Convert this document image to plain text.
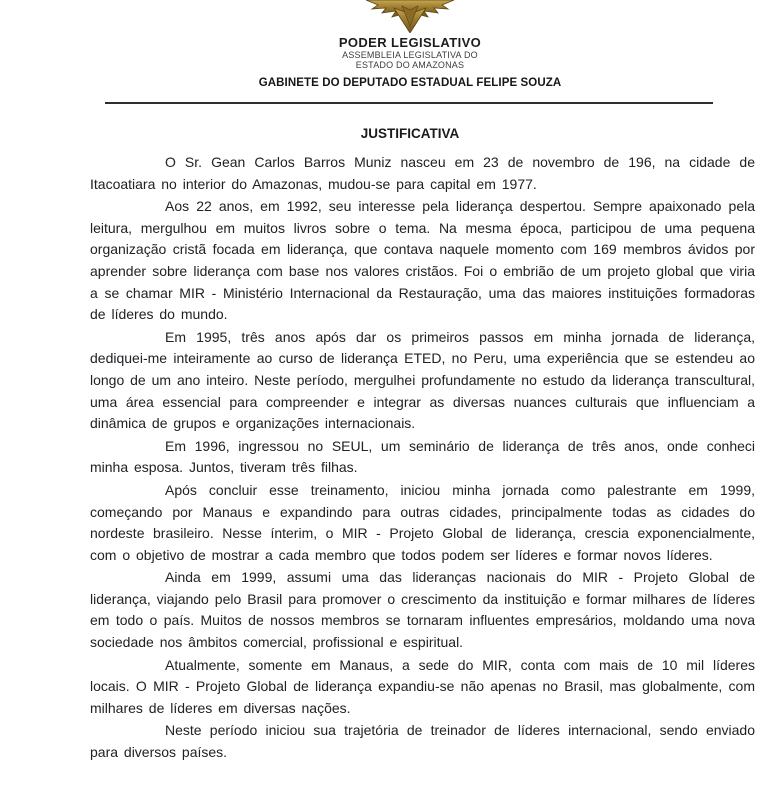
PODER LEGISLATIVO
ASSEMBLEIA LEGISLATIVA DO
ESTADO DO AMAZONAS
GABINETE DO DEPUTADO ESTADUAL FELIPE SOUZA
JUSTIFICATIVA

O Sr. Gean Carlos Barros Muniz nasceu em 23 de novembro de 196, na cidade de Itacoatiara no interior do Amazonas, mudou-se para capital em 1977.

Aos 22 anos, em 1992, seu interesse pela liderança despertou. Sempre apaixonado pela leitura, mergulhou em muitos livros sobre o tema. Na mesma época, participou de uma pequena organização cristã focada em liderança, que contava naquele momento com 169 membros ávidos por aprender sobre liderança com base nos valores cristãos. Foi o embrião de um projeto global que viria a se chamar MIR - Ministério Internacional da Restauração, uma das maiores instituições formadoras de líderes do mundo.

Em 1995, três anos após dar os primeiros passos em minha jornada de liderança, dediquei-me inteiramente ao curso de liderança ETED, no Peru, uma experiência que se estendeu ao longo de um ano inteiro. Neste período, mergulhei profundamente no estudo da liderança transcultural, uma área essencial para compreender e integrar as diversas nuances culturais que influenciam a dinâmica de grupos e organizações internacionais.

Em 1996, ingressou no SEUL, um seminário de liderança de três anos, onde conheci minha esposa. Juntos, tiveram três filhas.

Após concluir esse treinamento, iniciou minha jornada como palestrante em 1999, começando por Manaus e expandindo para outras cidades, principalmente todas as cidades do nordeste brasileiro. Nesse ínterim, o MIR - Projeto Global de liderança, crescia exponencialmente, com o objetivo de mostrar a cada membro que todos podem ser líderes e formar novos líderes.

Ainda em 1999, assumi uma das lideranças nacionais do MIR - Projeto Global de liderança, viajando pelo Brasil para promover o crescimento da instituição e formar milhares de líderes em todo o país. Muitos de nossos membros se tornaram influentes empresários, moldando uma nova sociedade nos âmbitos comercial, profissional e espiritual.

Atualmente, somente em Manaus, a sede do MIR, conta com mais de 10 mil líderes locais. O MIR - Projeto Global de liderança expandiu-se não apenas no Brasil, mas globalmente, com milhares de líderes em diversas nações.

Neste período iniciou sua trajetória de treinador de líderes internacional, sendo enviado para diversos países.
